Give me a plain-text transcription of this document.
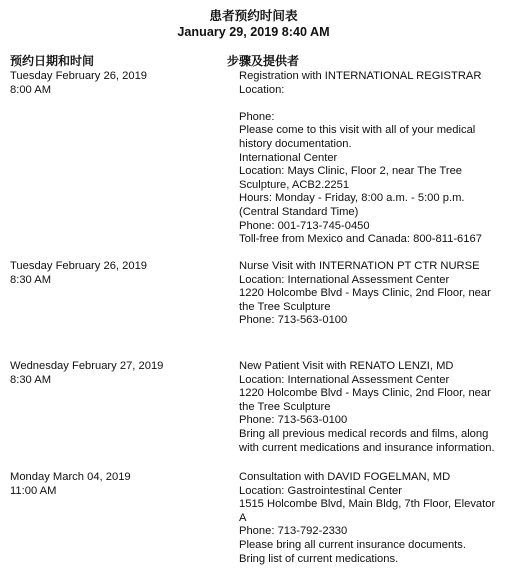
患者预约时间表
January 29, 2019 8:40 AM
预约日期和时间	步骤及提供者
Tuesday February 26, 2019
8:00 AM
Registration with INTERNATIONAL REGISTRAR
Location:
Phone:
Please come to this visit with all of your medical
history documentation.
International Center
Location: Mays Clinic, Floor 2, near The Tree
Sculpture, ACB2.2251
Hours: Monday - Friday, 8:00 a.m. - 5:00 p.m.
(Central Standard Time)
Phone: 001-713-745-0450
Toll-free from Mexico and Canada: 800-811-6167
Tuesday February 26, 2019
8:30 AM
Nurse Visit with INTERNATION PT CTR NURSE
Location: International Assessment Center
1220 Holcombe Blvd - Mays Clinic, 2nd Floor, near
the Tree Sculpture
Phone: 713-563-0100
Wednesday February 27, 2019
8:30 AM
New Patient Visit with RENATO LENZI, MD
Location: International Assessment Center
1220 Holcombe Blvd - Mays Clinic, 2nd Floor, near
the Tree Sculpture
Phone: 713-563-0100
Bring all previous medical records and films, along
with current medications and insurance information.
Monday March 04, 2019
11:00 AM
Consultation with DAVID FOGELMAN, MD
Location: Gastrointestinal Center
1515 Holcombe Blvd, Main Bldg, 7th Floor, Elevator
A
Phone: 713-792-2330
Please bring all current insurance documents.
Bring list of current medications.
